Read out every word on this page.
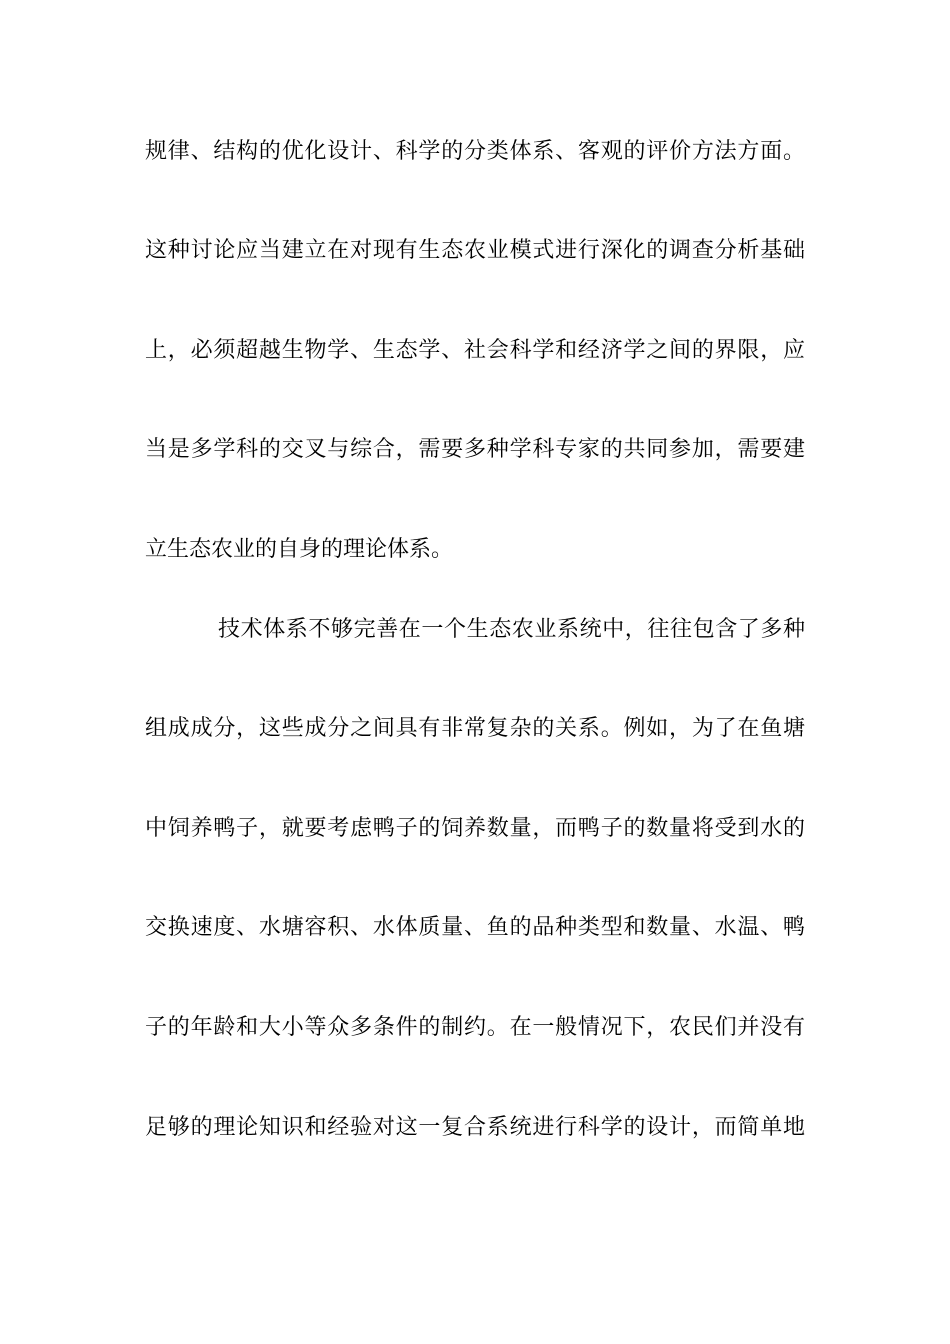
规律、结构的优化设计、科学的分类体系、客观的评价方法方面。
这种讨论应当建立在对现有生态农业模式进行深化的调查分析基础
上，必须超越生物学、生态学、社会科学和经济学之间的界限，应
当是多学科的交叉与综合，需要多种学科专家的共同参加，需要建
立生态农业的自身的理论体系。
技术体系不够完善在一个生态农业系统中，往往包含了多种
组成成分，这些成分之间具有非常复杂的关系。例如，为了在鱼塘
中饲养鸭子，就要考虑鸭子的饲养数量，而鸭子的数量将受到水的
交换速度、水塘容积、水体质量、鱼的品种类型和数量、水温、鸭
子的年龄和大小等众多条件的制约。在一般情况下，农民们并没有
足够的理论知识和经验对这一复合系统进行科学的设计，而简单地
